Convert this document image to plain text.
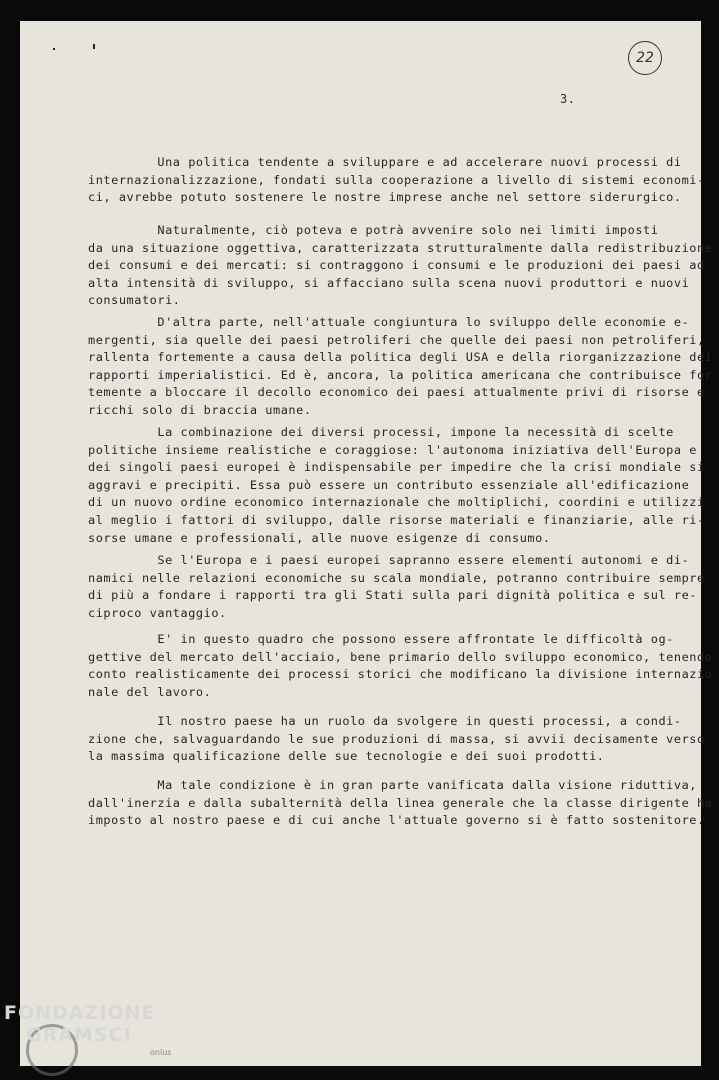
22
3.

Una politica tendente a sviluppare e ad accelerare nuovi processi di
internazionalizzazione, fondati sulla cooperazione a livello di sistemi economi-
ci, avrebbe potuto sostenere le nostre imprese anche nel settore siderurgico.

Naturalmente, ciò poteva e potrà avvenire solo nei limiti imposti
da una situazione oggettiva, caratterizzata strutturalmente dalla redistribuzione
dei consumi e dei mercati: si contraggono i consumi e le produzioni dei paesi ad
alta intensità di sviluppo, si affacciano sulla scena nuovi produttori e nuovi
consumatori.

D'altra parte, nell'attuale congiuntura lo sviluppo delle economie e-
mergenti, sia quelle dei paesi petroliferi che quelle dei paesi non petroliferi,
rallenta fortemente a causa della politica degli USA e della riorganizzazione dei
rapporti imperialistici. Ed è, ancora, la politica americana che contribuisce for
temente a bloccare il decollo economico dei paesi attualmente privi di risorse e
ricchi solo di braccia umane.

La combinazione dei diversi processi, impone la necessità di scelte
politiche insieme realistiche e coraggiose: l'autonoma iniziativa dell'Europa e
dei singoli paesi europei è indispensabile per impedire che la crisi mondiale si
aggravi e precipiti. Essa può essere un contributo essenziale all'edificazione
di un nuovo ordine economico internazionale che moltiplichi, coordini e utilizzi
al meglio i fattori di sviluppo, dalle risorse materiali e finanziarie, alle ri-
sorse umane e professionali, alle nuove esigenze di consumo.

Se l'Europa e i paesi europei sapranno essere elementi autonomi e di-
namici nelle relazioni economiche su scala mondiale, potranno contribuire sempre
di più a fondare i rapporti tra gli Stati sulla pari dignità politica e sul re-
ciproco vantaggio.

E' in questo quadro che possono essere affrontate le difficoltà og-
gettive del mercato dell'acciaio, bene primario dello sviluppo economico, tenendo
conto realisticamente dei processi storici che modificano la divisione internazio
nale del lavoro.

Il nostro paese ha un ruolo da svolgere in questi processi, a condi-
zione che, salvaguardando le sue produzioni di massa, si avvii decisamente verso
la massima qualificazione delle sue tecnologie e dei suoi prodotti.

Ma tale condizione è in gran parte vanificata dalla visione riduttiva,
dall'inerzia e dalla subalternità della linea generale che la classe dirigente ha
imposto al nostro paese e di cui anche l'attuale governo si è fatto sostenitore.

FONDAZIONE
GRAMSCI
onlus
